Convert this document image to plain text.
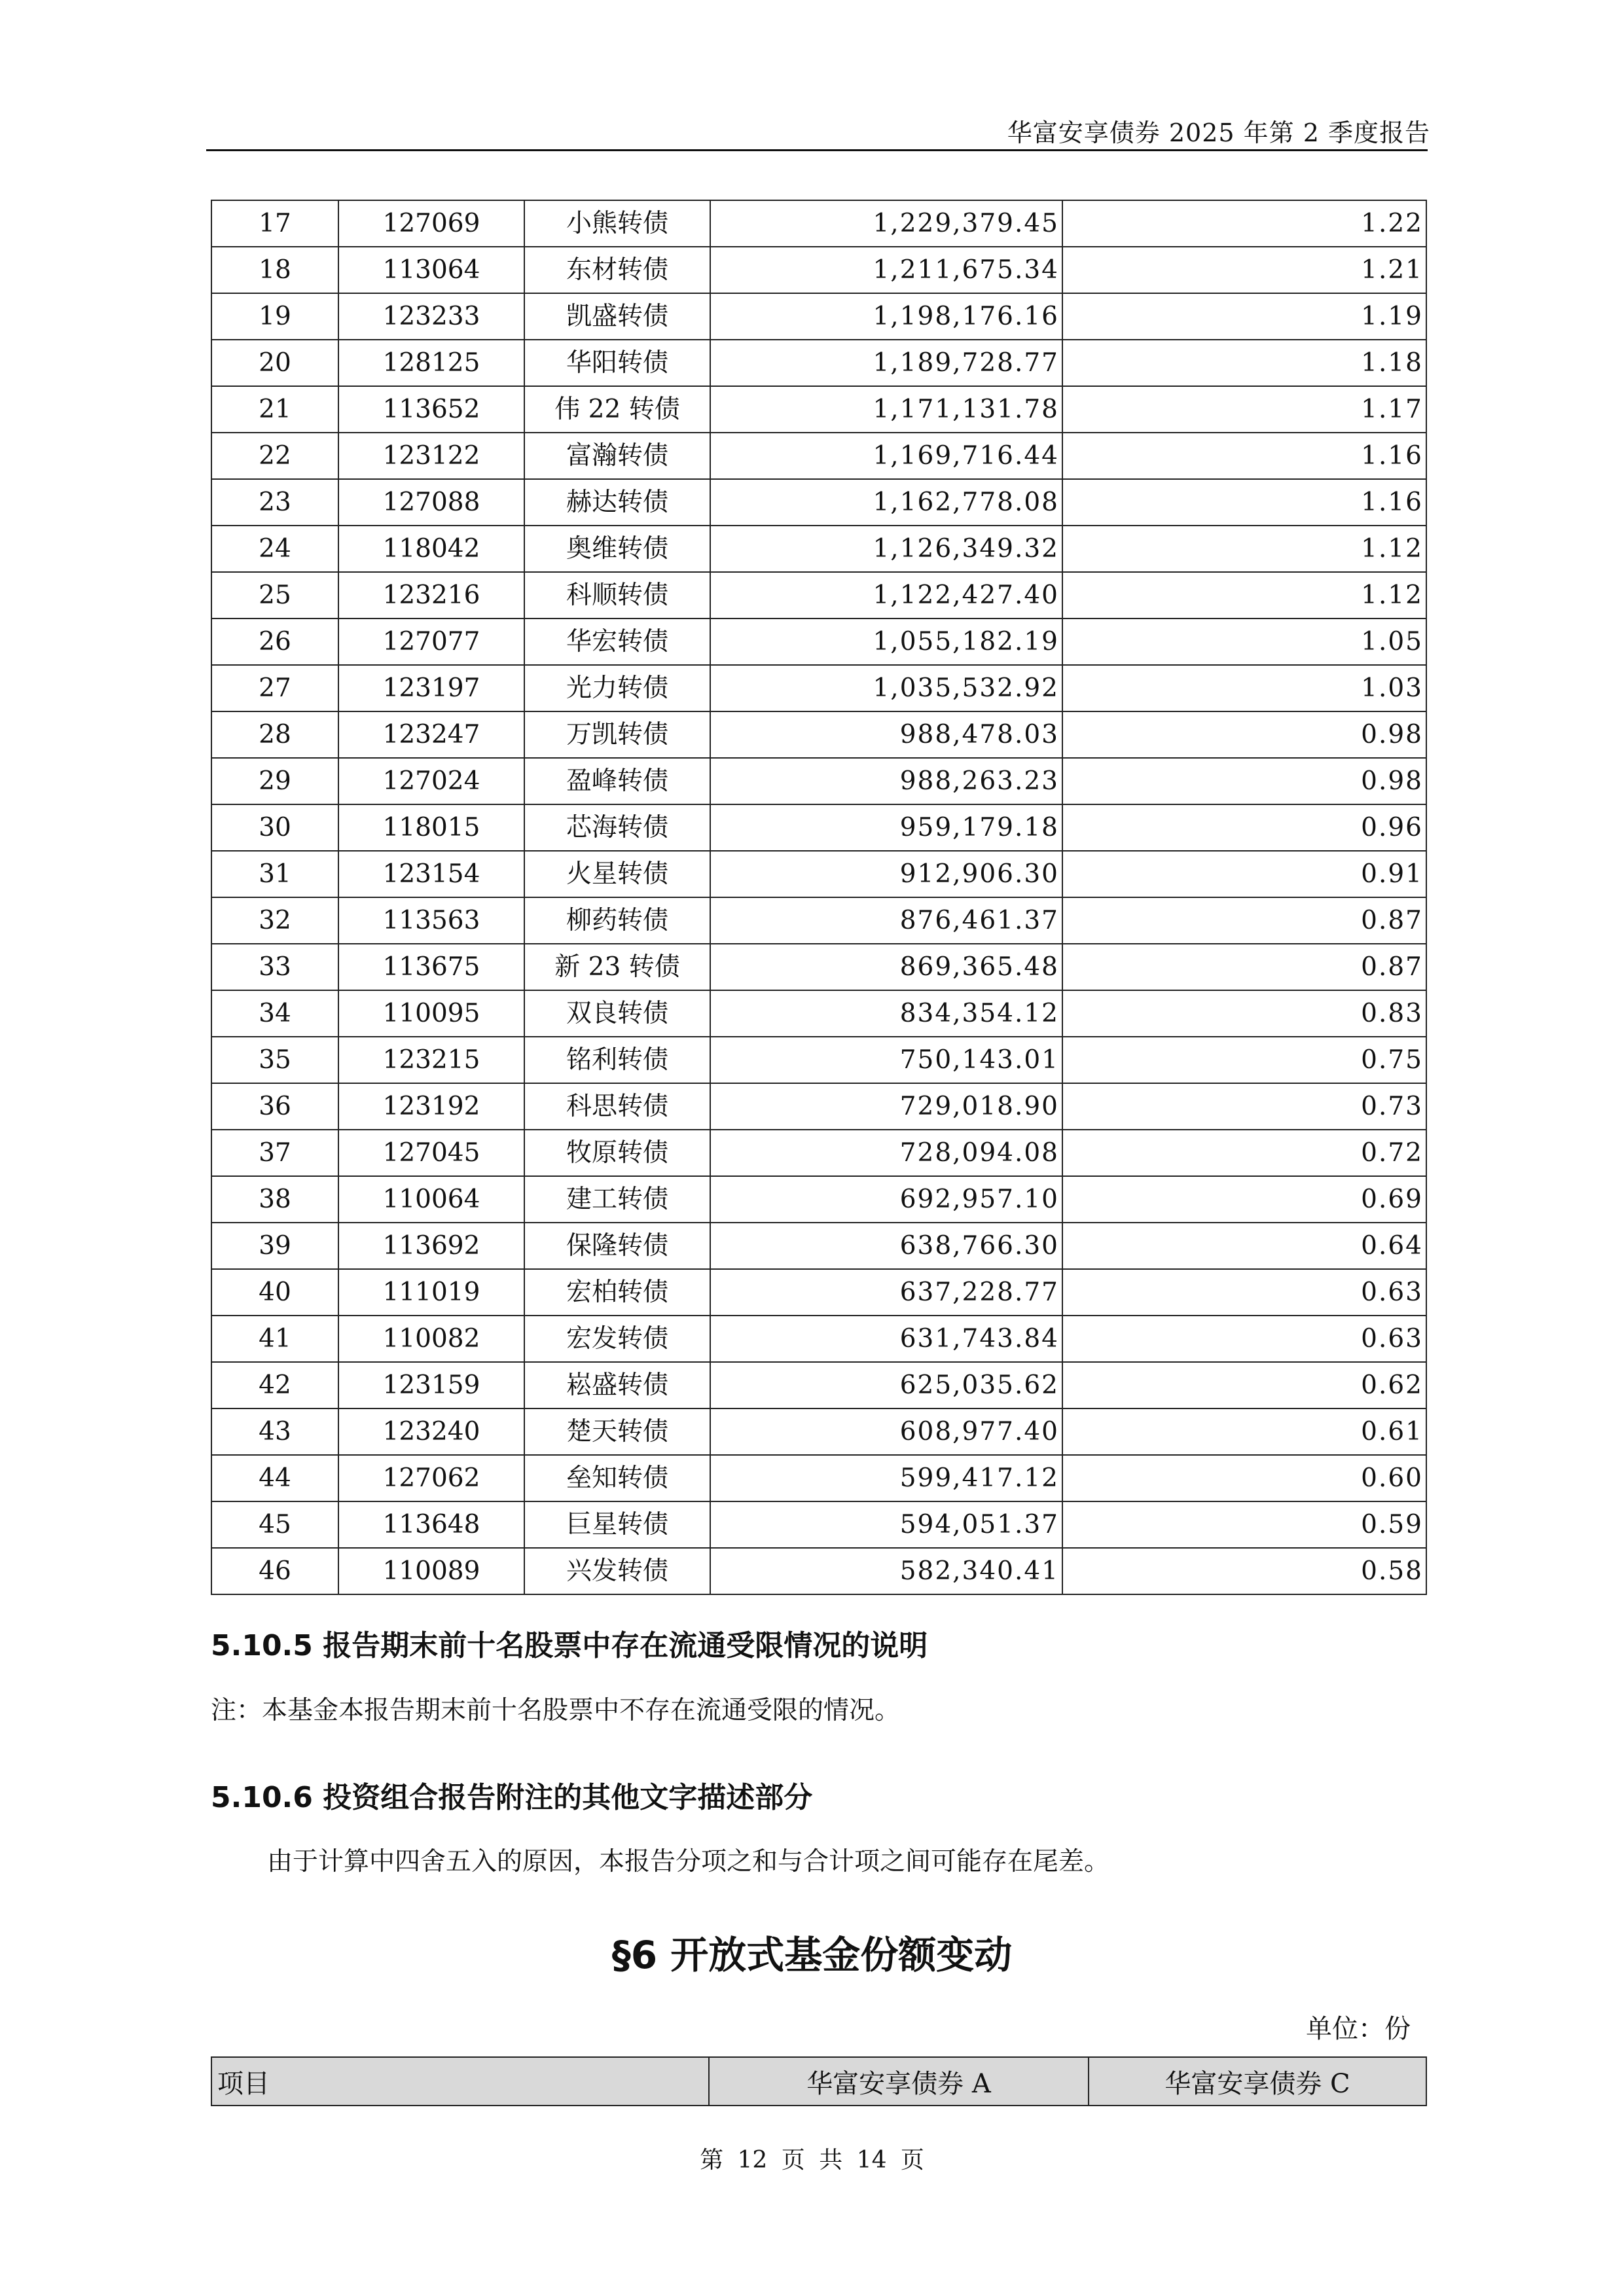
华富安享债券 2025 年第 2 季度报告
17	127069	小熊转债	1,229,379.45	1.22
18	113064	东材转债	1,211,675.34	1.21
19	123233	凯盛转债	1,198,176.16	1.19
20	128125	华阳转债	1,189,728.77	1.18
21	113652	伟 22 转债	1,171,131.78	1.17
22	123122	富瀚转债	1,169,716.44	1.16
23	127088	赫达转债	1,162,778.08	1.16
24	118042	奥维转债	1,126,349.32	1.12
25	123216	科顺转债	1,122,427.40	1.12
26	127077	华宏转债	1,055,182.19	1.05
27	123197	光力转债	1,035,532.92	1.03
28	123247	万凯转债	988,478.03	0.98
29	127024	盈峰转债	988,263.23	0.98
30	118015	芯海转债	959,179.18	0.96
31	123154	火星转债	912,906.30	0.91
32	113563	柳药转债	876,461.37	0.87
33	113675	新 23 转债	869,365.48	0.87
34	110095	双良转债	834,354.12	0.83
35	123215	铭利转债	750,143.01	0.75
36	123192	科思转债	729,018.90	0.73
37	127045	牧原转债	728,094.08	0.72
38	110064	建工转债	692,957.10	0.69
39	113692	保隆转债	638,766.30	0.64
40	111019	宏柏转债	637,228.77	0.63
41	110082	宏发转债	631,743.84	0.63
42	123159	崧盛转债	625,035.62	0.62
43	123240	楚天转债	608,977.40	0.61
44	127062	垒知转债	599,417.12	0.60
45	113648	巨星转债	594,051.37	0.59
46	110089	兴发转债	582,340.41	0.58
5.10.5 报告期末前十名股票中存在流通受限情况的说明
注：本基金本报告期末前十名股票中不存在流通受限的情况。
5.10.6 投资组合报告附注的其他文字描述部分
由于计算中四舍五入的原因，本报告分项之和与合计项之间可能存在尾差。
§6 开放式基金份额变动
单位：份
项目	华富安享债券 A	华富安享债券 C
第 12 页 共 14 页
